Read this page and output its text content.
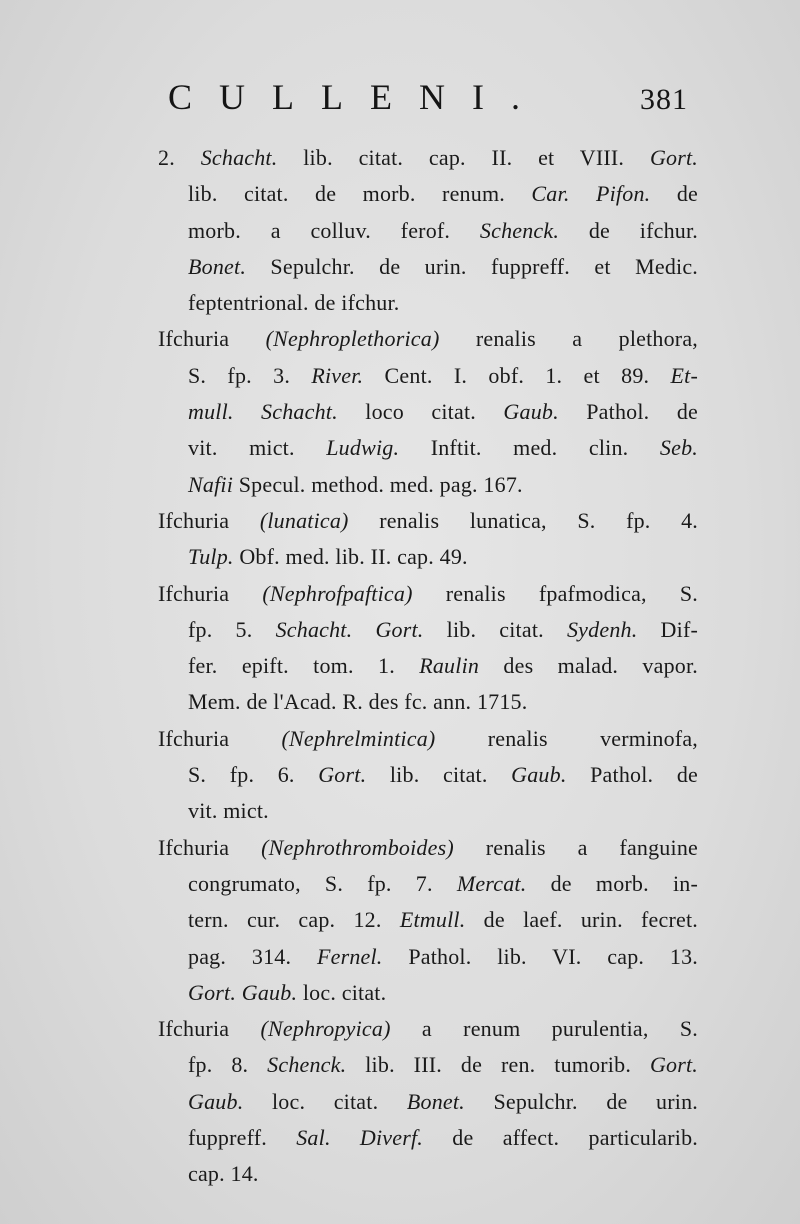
CULLENI.	381
2. Schacht. lib. citat. cap. II. et VIII. Gort.
lib. citat. de morb. renum. Car. Pifon. de
morb. a colluv. ferof. Schenck. de ifchur.
Bonet. Sepulchr. de urin. fuppreff. et Medic.
feptentrional. de ifchur.
Ifchuria (Nephroplethorica) renalis a plethora,
S. fp. 3. River. Cent. I. obf. 1. et 89. Et-
mull. Schacht. loco citat. Gaub. Pathol. de
vit. mict. Ludwig. Inftit. med. clin. Seb.
Nafii Specul. method. med. pag. 167.
Ifchuria (lunatica) renalis lunatica, S. fp. 4.
Tulp. Obf. med. lib. II. cap. 49.
Ifchuria (Nephrofpaftica) renalis fpafmodica, S.
fp. 5. Schacht. Gort. lib. citat. Sydenh. Dif-
fer. epift. tom. 1. Raulin des malad. vapor.
Mem. de l'Acad. R. des fc. ann. 1715.
Ifchuria (Nephrelmintica) renalis verminofa,
S. fp. 6. Gort. lib. citat. Gaub. Pathol. de
vit. mict.
Ifchuria (Nephrothromboides) renalis a fanguine
congrumato, S. fp. 7. Mercat. de morb. in-
tern. cur. cap. 12. Etmull. de laef. urin. fecret.
pag. 314. Fernel. Pathol. lib. VI. cap. 13.
Gort. Gaub. loc. citat.
Ifchuria (Nephropyica) a renum purulentia, S.
fp. 8. Schenck. lib. III. de ren. tumorib. Gort.
Gaub. loc. citat. Bonet. Sepulchr. de urin.
fuppreff. Sal. Diverf. de affect. particularib.
cap. 14.
